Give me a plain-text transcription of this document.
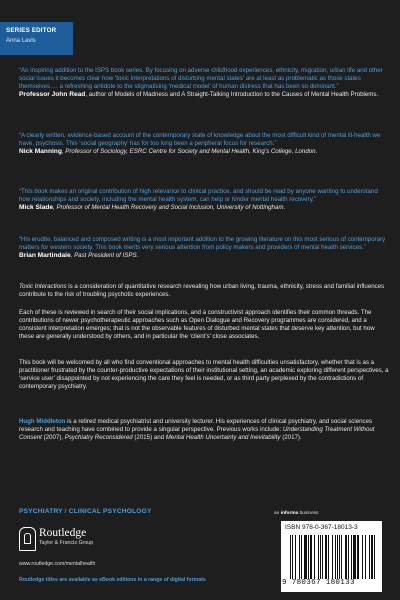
SERIES EDITOR
Anna Lavis

“An inspiring addition to the ISPS book series. By focusing on adverse childhood experiences, ethnicity, migration, urban life and other social issues it becomes clear how ‘toxic interpretations of disturbing mental states’ are at least as problematic as those states themselves … a refreshing antidote to the stigmatising ‘medical model’ of human distress that has been so dominant.”

Professor John Read, author of Models of Madness and A Straight-Talking Introduction to the Causes of Mental Health Problems.

“A clearly written, evidence-based account of the contemporary state of knowledge about the most difficult kind of mental ill-health we have, psychosis. This ‘social geography’ has for too long been a peripheral focus for research.”

Nick Manning, Professor of Sociology, ESRC Centre for Society and Mental Health, King’s College, London.

“This book makes an original contribution of high relevance to clinical practice, and should be read by anyone wanting to understand how relationships and society, including the mental health system, can help or hinder mental health recovery.”

Mick Slade, Professor of Mental Health Recovery and Social Inclusion, University of Nottingham.

“His erudite, balanced and composed writing is a most important addition to the growing literature on this most serious of contemporary matters for western society. This book merits very serious attention from policy makers and providers of mental health services.”

Brian Martindale, Past President of ISPS.

Toxic Interactions is a consideration of quantitative research revealing how urban living, trauma, ethnicity, stress and familial influences contribute to the risk of troubling psychotic experiences.

Each of these is reviewed in search of their social implications, and a constructivist approach identifies their common threads. The contributions of newer psychotherapeutic approaches such as Open Dialogue and Recovery programmes are considered, and a consistent interpretation emerges; that is not the observable features of disturbed mental states that deserve key attention, but how these are generally understood by others, and in particular the ‘client’s’ close associates.

This book will be welcomed by all who find conventional approaches to mental health difficulties unsatisfactory, whether that is as a practitioner frustrated by the counter-productive expectations of their institutional setting, an academic exploring different perspectives, a ‘service user’ disappointed by not experiencing the care they feel is needed, or as third party perplexed by the contradictions of contemporary psychiatry.

Hugh Middleton is a retired medical psychiatrist and university lecturer. His experiences of clinical psychiatry, and social sciences research and teaching have combined to provide a singular perspective. Previous works include: Understanding Treatment Without Consent (2007), Psychiatry Reconsidered (2015) and Mental Health Uncertainty and Inevitability (2017).

PSYCHIATRY / CLINICAL PSYCHOLOGY
Routledge
Taylor & Francis Group
www.routledge.com/mentalhealth
Routledge titles are available as eBook editions in a range of digital formats
an informa business
ISBN 978-0-367-18013-3
9 780367 180133
